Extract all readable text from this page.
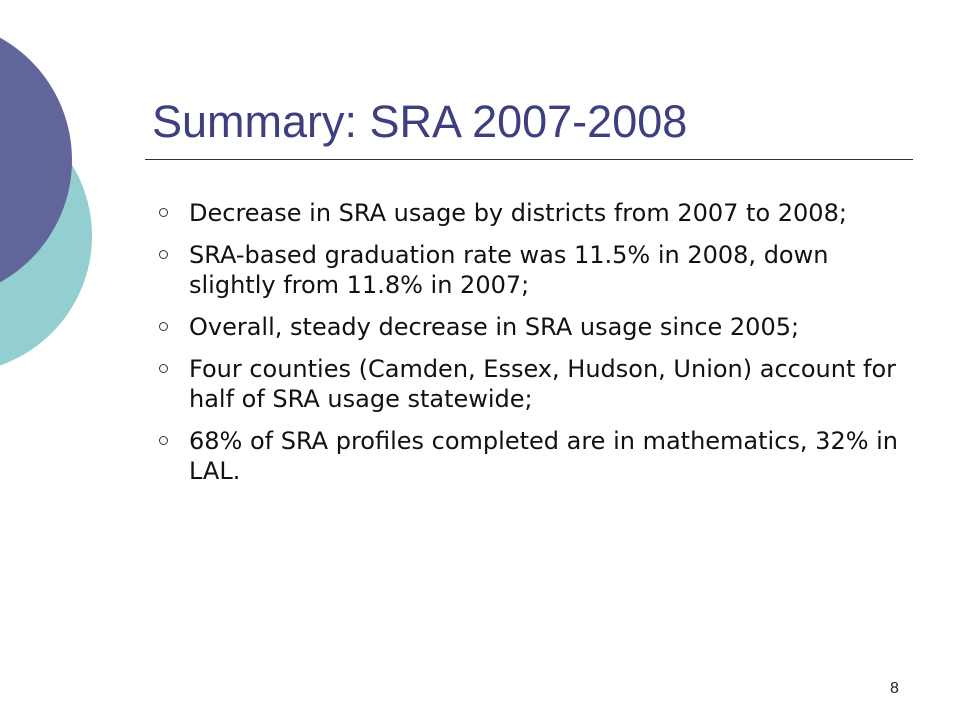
Summary: SRA 2007-2008
Decrease in SRA usage by districts from 2007 to 2008;
SRA-based graduation rate was 11.5% in 2008, down slightly from 11.8% in 2007;
Overall, steady decrease in SRA usage since 2005;
Four counties (Camden, Essex, Hudson, Union) account for half of SRA usage statewide;
68% of SRA profiles completed are in mathematics, 32% in LAL.
8
